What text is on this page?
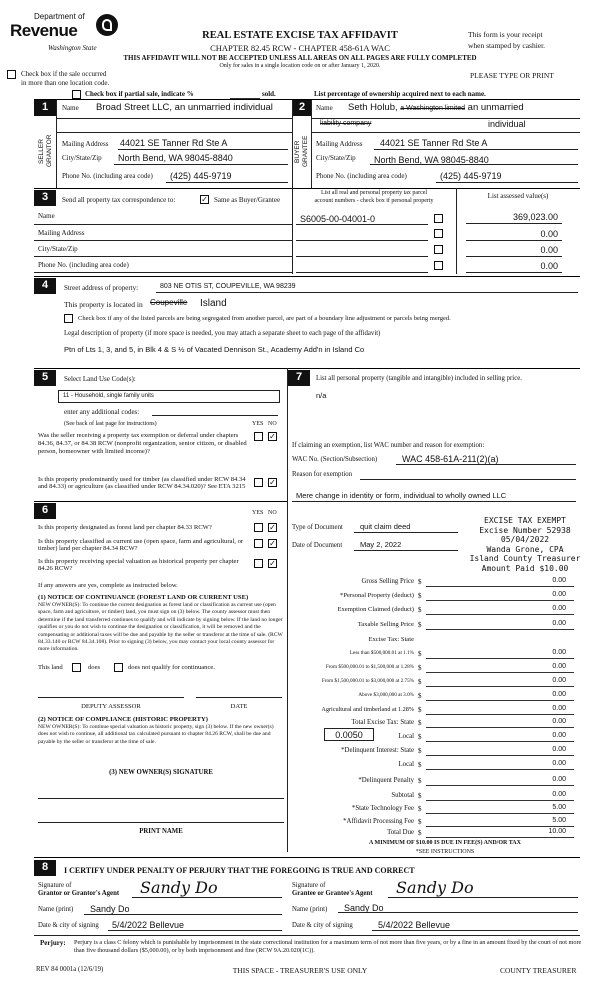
Department of
Revenue
Washington State
REAL ESTATE EXCISE TAX AFFIDAVIT
CHAPTER 82.45 RCW - CHAPTER 458-61A WAC
THIS AFFIDAVIT WILL NOT BE ACCEPTED UNLESS ALL AREAS ON ALL PAGES ARE FULLY COMPLETED
Only for sales in a single location code on or after January 1, 2020.
This form is your receipt
when stamped by cashier.
PLEASE TYPE OR PRINT
Check box if the sale occurred
in more than one location code.
Check box if partial sale, indicate %	sold.	List percentage of ownership acquired next to each name.
1
SELLER GRANTOR
Name Broad Street LLC, an unmarried individual
Mailing Address 44021 SE Tanner Rd Ste A
City/State/Zip North Bend, WA 98045-8840
Phone No. (including area code) (425) 445-9719
2
BUYER GRANTEE
Name Seth Holub, a Washington limited an unmarried
liability company	individual
Mailing Address 44021 SE Tanner Rd Ste A
City/State/Zip North Bend, WA 98045-8840
Phone No. (including area code)	(425) 445-9719
3	Send all property tax correspondence to:	✓ Same as Buyer/Grantee
Name
Mailing Address
City/State/Zip
Phone No. (including area code)
List all real and personal property tax parcel
account numbers - check box if personal property
List assessed value(s)
S6005-00-04001-0	369,023.00
0.00
0.00
0.00
4	Street address of property:	803 NE OTIS ST, COUPEVILLE, WA 98239
This property is located in Coupeville Island
Check box if any of the listed parcels are being segregated from another parcel, are part of a boundary line adjustment or parcels being merged.
Legal description of property (if more space is needed, you may attach a separate sheet to each page of the affidavit)
Ptn of Lts 1, 3, and 5, in Blk 4 & S ½ of Vacated Dennison St., Academy Add'n in Island Co
5	Select Land Use Code(s):
11 - Household, single family units
enter any additional codes:
(See back of last page for instructions)	YES NO
Was the seller receiving a property tax exemption or deferral under chapters 84.36, 84.37, or 84.38 RCW (nonprofit organization, senior citizen, or disabled person, homeowner with limited income)?
✓
Is this property predominantly used for timber (as classified under RCW 84.34 and 84.33) or agriculture (as classified under RCW 84.34.020)? See ETA 3215	✓
6	YES NO
Is this property designated as forest land per chapter 84.33 RCW?	✓
Is this property classified as current use (open space, farm and agricultural, or timber) land per chapter 84.34 RCW?
✓
Is this property receiving special valuation as historical property per chapter 84.26 RCW?
✓
If any answers are yes, complete as instructed below.
(1) NOTICE OF CONTINUANCE (FOREST LAND OR CURRENT USE)
NEW OWNER(S): To continue the current designation as forest land or classification as current use (open space, farm and agriculture, or timber) land, you must sign on (3) below. The county assessor must then determine if the land transferred continues to qualify and will indicate by signing below. If the land no longer qualifies or you do not wish to continue the designation or classification, it will be removed and the compensating or additional taxes will be due and payable by the seller or transferor at the time of sale. (RCW 84.33.140 or RCW 84.34.108). Prior to signing (3) below, you may contact your local county assessor for more information.
This land	does	does not qualify for continuance.
DEPUTY ASSESSOR	DATE
(2) NOTICE OF COMPLIANCE (HISTORIC PROPERTY)
NEW OWNER(S): To continue special valuation as historic property, sign (3) below. If the new owner(s) does not wish to continue, all additional tax calculated pursuant to chapter 84.26 RCW, shall be due and payable by the seller or transferor at the time of sale.
(3) NEW OWNER(S) SIGNATURE
PRINT NAME
7	List all personal property (tangible and intangible) included in selling price.
n/a
If claiming an exemption, list WAC number and reason for exemption:
WAC No. (Section/Subsection)	WAC 458-61A-211(2)(a)
Reason for exemption
Mere change in identity or form, individual to wholly owned LLC
Type of Document quit claim deed
Date of Document May 2, 2022
EXCISE TAX EXEMPT
Excise Number 52938
05/04/2022
Wanda Grone, CPA
Island County Treasurer
Amount Paid $10.00
0.0050
Gross Selling Price $	0.00
*Personal Property (deduct) $	0.00
Exemption Claimed (deduct) $	0.00
Taxable Selling Price $	0.00
Excise Tax: State
Less than $500,000.01 at 1.1% $	0.00
From $500,000.01 to $1,500,000 at 1.28% $	0.00
From $1,500,000.01 to $3,000,000 at 2.75% $	0.00
Above $3,000,000 at 3.0% $	0.00
Agricultural and timberland at 1.28% $	0.00
Total Excise Tax: State $	0.00
Local $	0.00
*Delinquent Interest: State $	0.00
Local $	0.00
*Delinquent Penalty $	0.00
Subtotal $	0.00
*State Technology Fee $	5.00
*Affidavit Processing Fee $	5.00
Total Due $	10.00
A MINIMUM OF $10.00 IS DUE IN FEE(S) AND/OR TAX
*SEE INSTRUCTIONS
8	I CERTIFY UNDER PENALTY OF PERJURY THAT THE FOREGOING IS TRUE AND CORRECT
Signature of
Grantor or Grantor's Agent Sandy Do
Name (print) Sandy Do
Date & city of signing 5/4/2022 Bellevue
Signature of
Grantee or Grantee's Agent Sandy Do
Name (print) Sandy Do
Date & city of signing	5/4/2022 Bellevue
Perjury: Perjury is a class C felony which is punishable by imprisonment in the state correctional institution for a maximum term of not more than five years, or by a fine in an amount fixed by the court of not more than five thousand dollars ($5,000.00), or by both imprisonment and fine (RCW 9A.20.020(1C)).
REV 84 0001a (12/6/19)	THIS SPACE - TREASURER'S USE ONLY	COUNTY TREASURER
